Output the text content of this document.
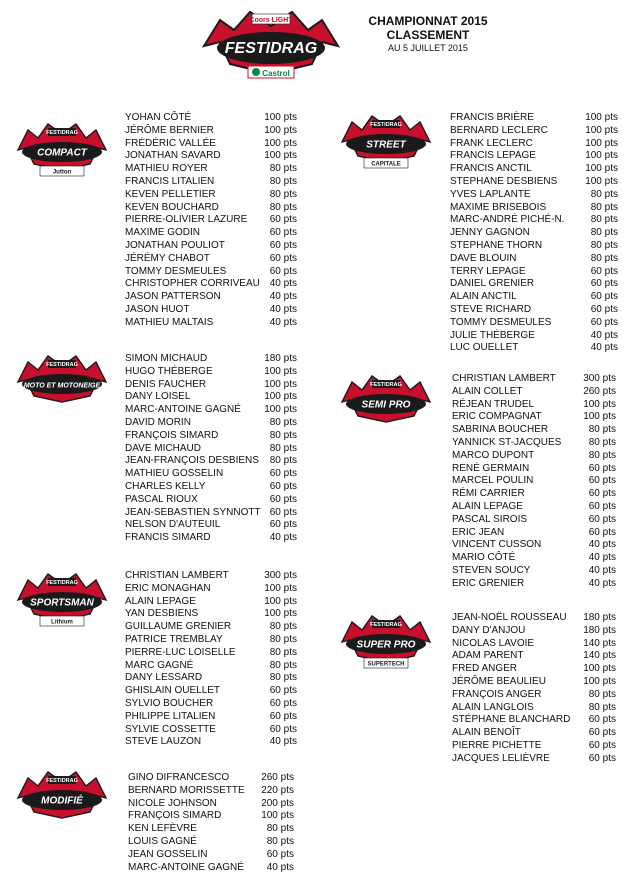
FESTIDRAG
Coors LIGHT
Castrol
CHAMPIONNAT 2015
CLASSEMENT
AU 5 JUILLET 2015
FESTIDRAG
COMPACT
Jutton
YOHAN CÔTÉ	100 pts
JÉRÔME BERNIER	100 pts
FRÉDÉRIC VALLÉE	100 pts
JONATHAN SAVARD	100 pts
MATHIEU ROYER	80 pts
FRANCIS LITALIEN	80 pts
KEVEN PELLETIER	80 pts
KEVEN BOUCHARD	80 pts
PIERRE-OLIVIER LAZURE	60 pts
MAXIME GODIN	60 pts
JONATHAN POULIOT	60 pts
JÉRÉMY CHABOT	60 pts
TOMMY DESMEULES	60 pts
CHRISTOPHER CORRIVEAU 40 pts
JASON PATTERSON	40 pts
JASON HUOT	40 pts
MATHIEU MALTAIS	40 pts
FESTIDRAG
MOTO ET MOTONEIGE
SIMON MICHAUD	180 pts
HUGO THÉBERGE	100 pts
DENIS FAUCHER	100 pts
DANY LOISEL	100 pts
MARC-ANTOINE GAGNÉ	100 pts
DAVID MORIN	80 pts
FRANÇOIS SIMARD	80 pts
DAVE MICHAUD	80 pts
JEAN-FRANÇOIS DESBIENS	80 pts
MATHIEU GOSSELIN	60 pts
CHARLES KELLY	60 pts
PASCAL RIOUX	60 pts
JEAN-SEBASTIEN SYNNOTT 60 pts
NELSON D'AUTEUIL	60 pts
FRANCIS SIMARD	40 pts
FESTIDRAG
SPORTSMAN
Lithium
CHRISTIAN LAMBERT	300 pts
ERIC MONAGHAN	100 pts
ALAIN LEPAGE	100 pts
YAN DESBIENS	100 pts
GUILLAUME GRENIER	80 pts
PATRICE TREMBLAY	80 pts
PIERRE-LUC LOISELLE	80 pts
MARC GAGNÉ	80 pts
DANY LESSARD	80 pts
GHISLAIN OUELLET	60 pts
SYLVIO BOUCHER	60 pts
PHILIPPE LITALIEN	60 pts
SYLVIE COSSETTE	60 pts
STEVE LAUZON	40 pts
FESTIDRAG
MODIFIÉ
GINO DIFRANCESCO	260 pts
BERNARD MORISSETTE	220 pts
NICOLE JOHNSON	200 pts
FRANÇOIS SIMARD	100 pts
KEN LEFÈVRE	80 pts
LOUIS GAGNÉ	80 pts
JEAN GOSSELIN	60 pts
MARC-ANTOINE GAGNÉ	40 pts
FESTIDRAG
STREET
CAPITALE
FRANCIS BRIÈRE	100 pts
BERNARD LECLERC	100 pts
FRANK LECLERC	100 pts
FRANCIS LEPAGE	100 pts
FRANCIS ANCTIL	100 pts
STEPHANE DESBIENS	100 pts
YVES LAPLANTE	80 pts
MAXIME BRISEBOIS	80 pts
MARC-ANDRÉ PICHÉ-N.	80 pts
JENNY GAGNON	80 pts
STEPHANE THORN	80 pts
DAVE BLOUIN	80 pts
TERRY LEPAGE	60 pts
DANIEL GRENIER	60 pts
ALAIN ANCTIL	60 pts
STEVE RICHARD	60 pts
TOMMY DESMEULES	60 pts
JULIE THÉBERGE	40 pts
LUC OUELLET	40 pts
FESTIDRAG
SEMI PRO
CHRISTIAN LAMBERT	300 pts
ALAIN COLLET	260 pts
RÉJEAN TRUDEL	100 pts
ERIC COMPAGNAT	100 pts
SABRINA BOUCHER	80 pts
YANNICK ST-JACQUES	80 pts
MARCO DUPONT	80 pts
RENÉ GERMAIN	60 pts
MARCEL POULIN	60 pts
RÉMI CARRIER	60 pts
ALAIN LEPAGE	60 pts
PASCAL SIROIS	60 pts
ERIC JEAN	60 pts
VINCENT CUSSON	40 pts
MARIO CÔTÉ	40 pts
STEVEN SOUCY	40 pts
ERIC GRENIER	40 pts
FESTIDRAG
SUPER PRO
SUPERTECH
JEAN-NOËL ROUSSEAU	180 pts
DANY D'ANJOU	180 pts
NICOLAS LAVOIE	140 pts
ADAM PARENT	140 pts
FRED ANGER	100 pts
JÉRÔME BEAULIEU	100 pts
FRANÇOIS ANGER	80 pts
ALAIN LANGLOIS	80 pts
STÉPHANE BLANCHARD	60 pts
ALAIN BENOÎT	60 pts
PIERRE PICHETTE	60 pts
JACQUES LELIÈVRE	60 pts
